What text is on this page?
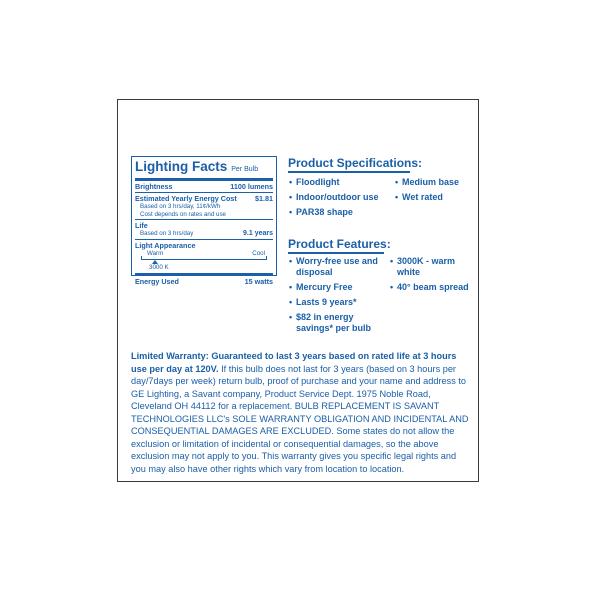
Lighting Facts Per Bulb
Brightness	1100 lumens
Estimated Yearly Energy Cost	$1.81
Based on 3 hrs/day, 11¢/kWh
Cost depends on rates and use
Life
Based on 3 hrs/day	9.1 years
Light Appearance
Warm	Cool
3000 K
Energy Used	15 watts
Product Specifications:
• Floodlight
• Indoor/outdoor use
• PAR38 shape
• Medium base
• Wet rated
Product Features:
• Worry-free use and disposal
• Mercury Free
• Lasts 9 years*
• $82 in energy savings* per bulb
• 3000K - warm white
• 40° beam spread
Limited Warranty: Guaranteed to last 3 years based on rated life at 3 hours use per day at 120V. If this bulb does not last for 3 years (based on 3 hours per day/7days per week) return bulb, proof of purchase and your name and address to GE Lighting, a Savant company, Product Service Dept. 1975 Noble Road, Cleveland OH 44112 for a replacement. BULB REPLACEMENT IS SAVANT TECHNOLOGIES LLC's SOLE WARRANTY OBLIGATION AND INCIDENTAL AND CONSEQUENTIAL DAMAGES ARE EXCLUDED. Some states do not allow the exclusion or limitation of incidental or consequential damages, so the above exclusion may not apply to you. This warranty gives you specific legal rights and you may also have other rights which vary from location to location.
